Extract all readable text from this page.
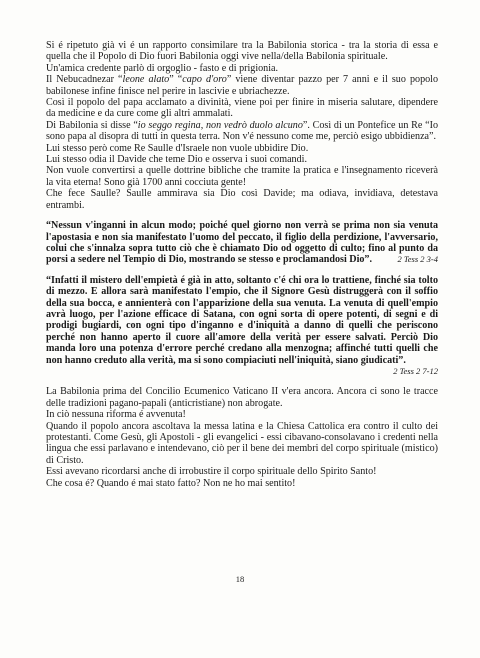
Si é ripetuto già vi é un rapporto consimilare tra la Babilonia storica - tra la storia di essa e quella che il Popolo di Dio fuori Babilonia oggi vive nella/della Babilonia spirituale.

Un'amica credente parlò di orgoglio - fasto e di prigionia.

Il Nebucadnezar “leone alato” “capo d'oro” viene diventar pazzo per 7 anni e il suo popolo babilonese infine finisce nel perire in lascivie e ubriachezze.

Così il popolo del papa acclamato a divinità, viene poi per finire in miseria salutare, dipendere da medicine e da cure come gli altri ammalati.

Di Babilonia si disse “io seggo regina, non vedrò duolo alcuno”. Così di un Pontefice un Re “Io sono papa al disopra di tutti in questa terra. Non v'é nessuno come me, perciò esigo ubbidienza”.

Lui stesso però come Re Saulle d'Israele non vuole ubbidire Dio.

Lui stesso odia il Davide che teme Dio e osserva i suoi comandi.

Non vuole convertirsi a quelle dottrine bibliche che tramite la pratica e l'insegnamento riceverà la vita eterna! Sono già 1700 anni cocciuta gente!

Che fece Saulle? Saulle ammirava sia Dio così Davide; ma odiava, invidiava, detestava entrambi.

“Nessun v'inganni in alcun modo; poiché quel giorno non verrà se prima non sia venuta l'apostasia e non sia manifestato l'uomo del peccato, il figlio della perdizione, l'avversario, colui che s'innalza sopra tutto ciò che è chiamato Dio od oggetto di culto; fino al punto da porsi a sedere nel Tempio di Dio, mostrando se stesso e proclamandosi Dio”.	2 Tess 2 3-4

“Infatti il mistero dell'empietà é già in atto, soltanto c'é chi ora lo trattiene, finché sia tolto di mezzo. E allora sarà manifestato l'empio, che il Signore Gesù distruggerà con il soffio della sua bocca, e annienterà con l'apparizione della sua venuta. La venuta di quell'empio avrà luogo, per l'azione efficace di Satana, con ogni sorta di opere potenti, di segni e di prodigi bugiardi, con ogni tipo d'inganno e d'iniquità a danno di quelli che periscono perché non hanno aperto il cuore all'amore della verità per essere salvati. Perciò Dio manda loro una potenza d'errore perché credano alla menzogna; affinché tutti quelli che non hanno creduto alla verità, ma si sono compiaciuti nell'iniquità, siano giudicati”.
2 Tess 2 7-12

La Babilonia prima del Concilio Ecumenico Vaticano II v'era ancora. Ancora ci sono le tracce delle tradizioni pagano-papali (anticristiane) non abrogate.

In ciò nessuna riforma é avvenuta!

Quando il popolo ancora ascoltava la messa latina e la Chiesa Cattolica era contro il culto dei protestanti. Come Gesù, gli Apostoli - gli evangelici - essi cibavano-consolavano i credenti nella lingua che essi parlavano e intendevano, ciò per il bene dei membri del corpo spirituale (mistico) di Cristo.

Essi avevano ricordarsi anche di irrobustire il corpo spirituale dello Spirito Santo!

Che cosa é? Quando é mai stato fatto? Non ne ho mai sentito!

18
